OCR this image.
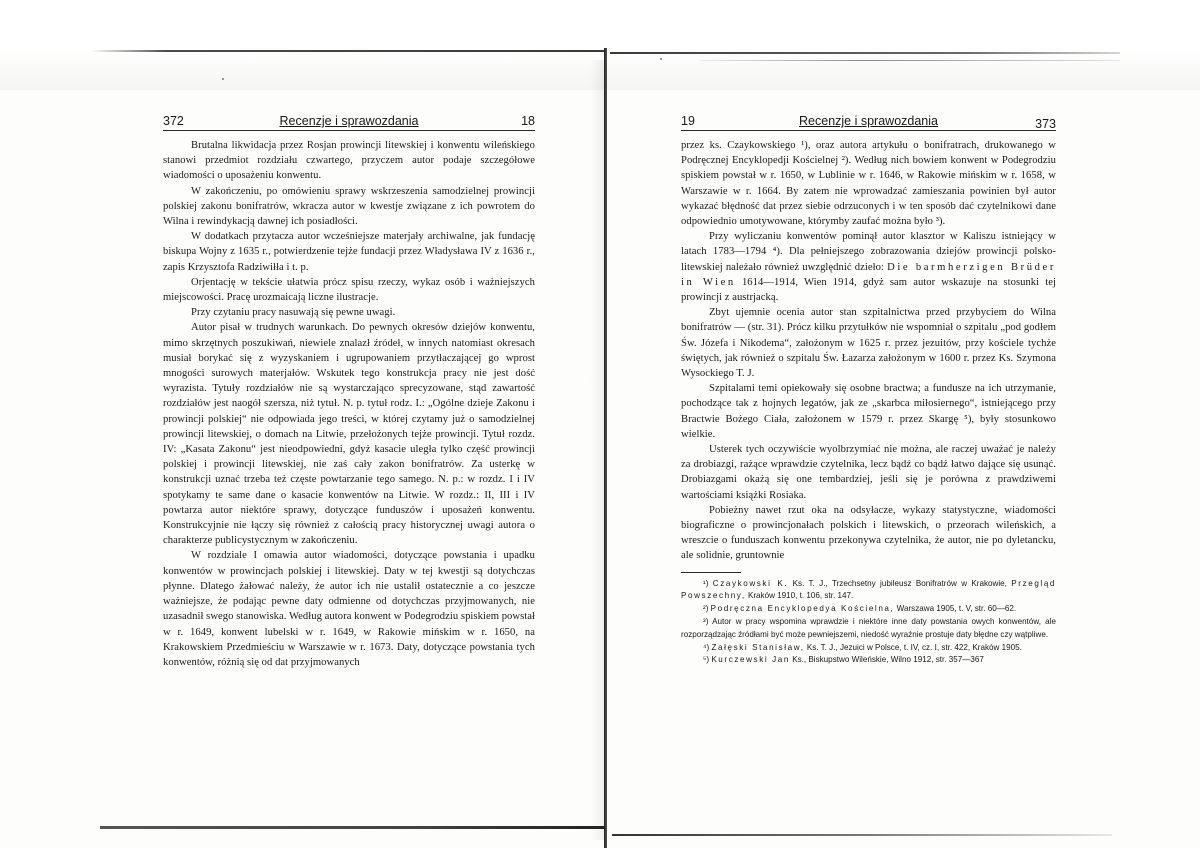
372	Recenzje i sprawozdania	18

Brutalna likwidacja przez Rosjan prowincji litewskiej i konwentu wileńskiego stanowi przedmiot rozdziału czwartego, przyczem autor podaje szczegółowe wiadomości o uposażeniu konwentu.

W zakończeniu, po omówieniu sprawy wskrzeszenia samodzielnej prowincji polskiej zakonu bonifratrów, wkracza autor w kwestje związane z ich powrotem do Wilna i rewindykacją dawnej ich posiadłości.

W dodatkach przytacza autor wcześniejsze materjały archiwalne, jak fundację biskupa Wojny z 1635 r., potwierdzenie tejże fundacji przez Władysława IV z 1636 r., zapis Krzysztofa Radziwiłła i t. p.

Orjentację w tekście ułatwia prócz spisu rzeczy, wykaz osób i ważniejszych miejscowości. Pracę urozmaicają liczne ilustracje.

Przy czytaniu pracy nasuwają się pewne uwagi.

Autor pisał w trudnych warunkach. Do pewnych okresów dziejów konwentu, mimo skrzętnych poszukiwań, niewiele znalazł źródeł, w innych natomiast okresach musiał borykać się z wyzyskaniem i ugrupowaniem przytłaczającej go wprost mnogości surowych materjałów. Wskutek tego konstrukcja pracy nie jest dość wyrazista. Tytuły rozdziałów nie są wystarczająco sprecyzowane, stąd zawartość rozdziałów jest naogół szersza, niż tytuł. N. p. tytuł rodz. I.: „Ogólne dzieje Zakonu i prowincji polskiej“ nie odpowiada jego treści, w której czytamy już o samodzielnej prowincji litewskiej, o domach na Litwie, przełożonych tejże prowincji. Tytuł rozdz. IV: „Kasata Zakonu“ jest nieodpowiedni, gdyż kasacie uległa tylko część prowincji polskiej i prowincji litewskiej, nie zaś cały zakon bonifratrów. Za usterkę w konstrukcji uznać trzeba też częste powtarzanie tego samego. N. p.: w rozdz. I i IV spotykamy te same dane o kasacie konwentów na Litwie. W rozdz.: II, III i IV powtarza autor niektóre sprawy, dotyczące funduszów i uposażeń konwentu. Konstrukcyjnie nie łączy się również z całością pracy historycznej uwagi autora o charakterze publicystycznym w zakończeniu.

W rozdziale I omawia autor wiadomości, dotyczące powstania i upadku konwentów w prowincjach polskiej i litewskiej. Daty w tej kwestji są dotychczas płynne. Dlatego żałować należy, że autor ich nie ustalił ostatecznie a co jeszcze ważniejsze, że podając pewne daty odmienne od dotychczas przyjmowanych, nie uzasadnił swego stanowiska. Według autora konwent w Podegrodziu spiskiem powstał w r. 1649, konwent lubelski w r. 1649, w Rakowie mińskim w r. 1650, na Krakowskiem Przedmieściu w Warszawie w r. 1673. Daty, dotyczące powstania tych konwentów, różnią się od dat przyjmowanych

19	Recenzje i sprawozdania	373

przez ks. Czaykowskiego ¹), oraz autora artykułu o bonifratrach, drukowanego w Podręcznej Encyklopedji Kościelnej ²). Według nich bowiem konwent w Podegrodziu spiskiem powstał w r. 1650, w Lublinie w r. 1646, w Rakowie mińskim w r. 1658, w Warszawie w r. 1664. By zatem nie wprowadzać zamieszania powinien był autor wykazać błędność dat przez siebie odrzuconych i w ten sposób dać czytelnikowi dane odpowiednio umotywowane, którymby zaufać można było ³).

Przy wyliczaniu konwentów pominął autor klasztor w Kaliszu istniejący w latach 1783—1794 ⁴). Dla pełniejszego zobrazowania dziejów prowincji polsko-litewskiej należało również uwzględnić dzieło: Die barmherzigen Brüder in Wien 1614—1914, Wien 1914, gdyż sam autor wskazuje na stosunki tej prowincji z austrjacką.

Zbyt ujemnie ocenia autor stan szpitalnictwa przed przybyciem do Wilna bonifratrów — (str. 31). Prócz kilku przytułków nie wspomniał o szpitalu „pod godłem Św. Józefa i Nikodema“, założonym w 1625 r. przez jezuitów, przy kościele tychże świętych, jak również o szpitalu Św. Łazarza założonym w 1600 r. przez Ks. Szymona Wysockiego T. J.

Szpitalami temi opiekowały się osobne bractwa; a fundusze na ich utrzymanie, pochodzące tak z hojnych legatów, jak ze „skarbca miłosiernego“, istniejącego przy Bractwie Bożego Ciała, założonem w 1579 r. przez Skargę ⁵), były stosunkowo wielkie.

Usterek tych oczywiście wyolbrzymiać nie można, ale raczej uważać je należy za drobiazgi, rażące wprawdzie czytelnika, lecz bądź co bądź łatwo dające się usunąć. Drobiazgami okażą się one tembardziej, jeśli się je porówna z prawdziwemi wartościami książki Rosiaka.

Pobieżny nawet rzut oka na odsyłacze, wykazy statystyczne, wiadomości biograficzne o prowincjonałach polskich i litewskich, o przeorach wileńskich, a wreszcie o funduszach konwentu przekonywa czytelnika, że autor, nie po dyletancku, ale solidnie, gruntownie

¹) Czaykowski K. Ks. T. J., Trzechsetny jubileusz Bonifratrów w Krakowie, Przegląd Powszechny, Kraków 1910, t. 106, str. 147.

²) Podręczna Encyklopedya Kościelna, Warszawa 1905, t. V, str. 60—62.

³) Autor w pracy wspomina wprawdzie i niektóre inne daty powstania owych konwentów, ale rozporządzając źródłami być może pewniejszemi, niedość wyraźnie prostuje daty błędne czy wątpliwe.

⁴) Załęski Stanisław, Ks. T. J., Jezuici w Polsce, t. IV, cz. I, str. 422, Kraków 1905.

⁵) Kurczewski Jan Ks., Biskupstwo Wileńskie, Wilno 1912, str. 357—367
